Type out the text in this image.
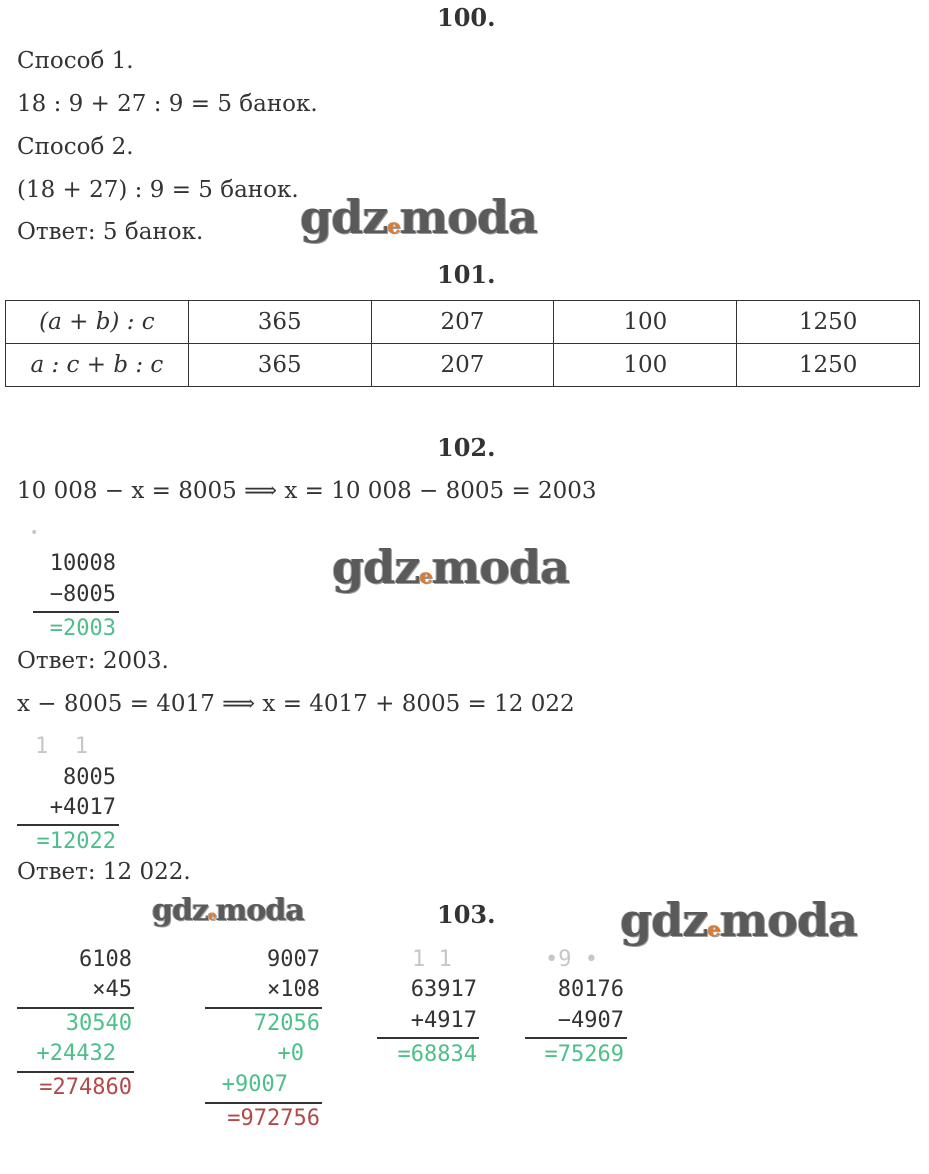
100.
Способ 1.
18 : 9 + 27 : 9 = 5 банок.
Способ 2.
(18 + 27) : 9 = 5 банок.
Ответ: 5 банок.
101.
(a + b) : c	365	207	100	1250
a : c + b : c	365	207	100	1250
102.
10 008 − x = 8005 ⟹ x = 10 008 − 8005 = 2003
•
10008
−8005
=2003
Ответ: 2003.
x − 8005 = 4017 ⟹ x = 4017 + 8005 = 12 022
1  1
8005
+4017
=12022
Ответ: 12 022.
103.
6108
×45
30540
+24432
=274860
9007
×108
72056
+0
+9007
=972756
1 1
63917
+4917
=68834
•9 •
80176
−4907
=75269
gdzemoda
gdzemoda
gdzemoda	gdzemoda
